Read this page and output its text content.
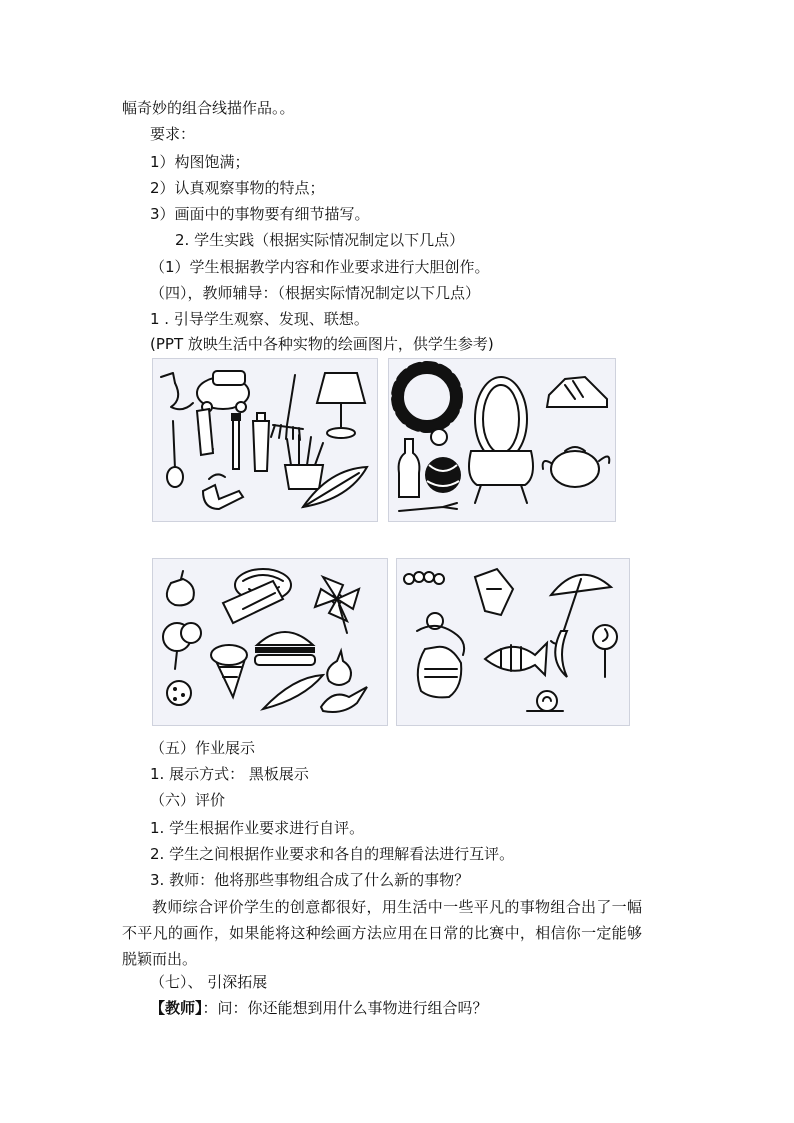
幅奇妙的组合线描作品。。
要求：
1）构图饱满；
2）认真观察事物的特点；
3）画面中的事物要有细节描写。
2. 学生实践（根据实际情况制定以下几点）
（1）学生根据教学内容和作业要求进行大胆创作。
（四），教师辅导：（根据实际情况制定以下几点）
1 . 引导学生观察、发现、联想。
(PPT 放映生活中各种实物的绘画图片，供学生参考)
（五）作业展示
1. 展示方式： 黑板展示
（六）评价
1. 学生根据作业要求进行自评。
2. 学生之间根据作业要求和各自的理解看法进行互评。
3. 教师：他将那些事物组合成了什么新的事物？
教师综合评价学生的创意都很好，用生活中一些平凡的事物组合出了一幅不平凡的画作，如果能将这种绘画方法应用在日常的比赛中，相信你一定能够脱颖而出。
（七）、 引深拓展
【教师】：问：你还能想到用什么事物进行组合吗？
